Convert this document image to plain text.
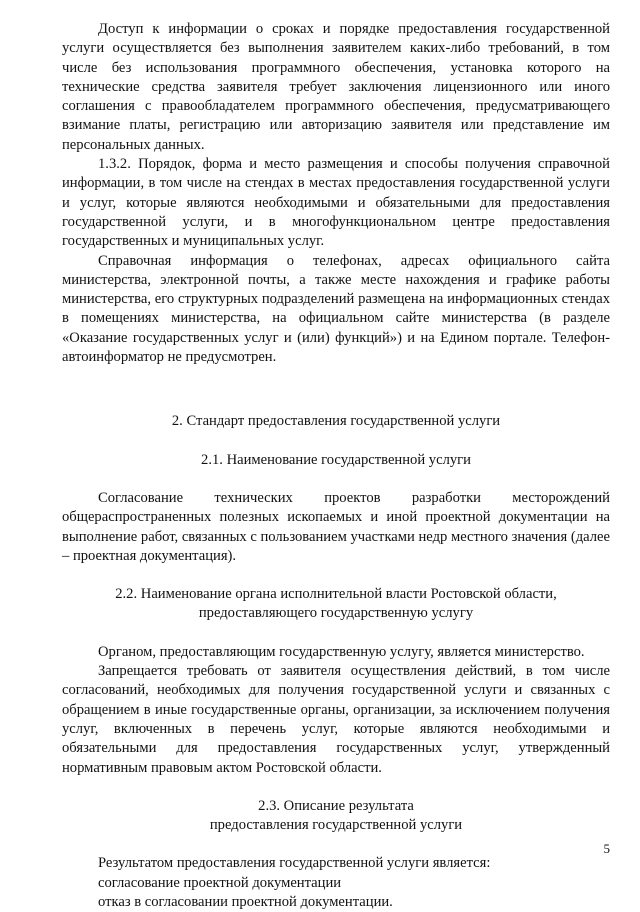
Доступ к информации о сроках и порядке предоставления государственной услуги осуществляется без выполнения заявителем каких-либо требований, в том числе без использования программного обеспечения, установка которого на технические средства заявителя требует заключения лицензионного или иного соглашения с правообладателем программного обеспечения, предусматривающего взимание платы, регистрацию или авторизацию заявителя или представление им персональных данных.

1.3.2. Порядок, форма и место размещения и способы получения справочной информации, в том числе на стендах в местах предоставления государственной услуги и услуг, которые являются необходимыми и обязательными для предоставления государственной услуги, и в многофункциональном центре предоставления государственных и муниципальных услуг.

Справочная информация о телефонах, адресах официального сайта министерства, электронной почты, а также месте нахождения и графике работы министерства, его структурных подразделений размещена на информационных стендах в помещениях министерства, на официальном сайте министерства (в разделе «Оказание государственных услуг и (или) функций») и на Едином портале. Телефон-автоинформатор не предусмотрен.

2. Стандарт предоставления государственной услуги

2.1. Наименование государственной услуги

Согласование технических проектов разработки месторождений общераспространенных полезных ископаемых и иной проектной документации на выполнение работ, связанных с пользованием участками недр местного значения (далее – проектная документация).

2.2. Наименование органа исполнительной власти Ростовской области,

предоставляющего государственную услугу

Органом, предоставляющим государственную услугу, является министерство.

Запрещается требовать от заявителя осуществления действий, в том числе согласований, необходимых для получения государственной услуги и связанных с обращением в иные государственные органы, организации, за исключением получения услуг, включенных в перечень услуг, которые являются необходимыми и обязательными для предоставления государственных услуг, утвержденный нормативным правовым актом Ростовской области.

2.3. Описание результата

предоставления государственной услуги

Результатом предоставления государственной услуги является:

согласование проектной документации

отказ в согласовании проектной документации.

5
